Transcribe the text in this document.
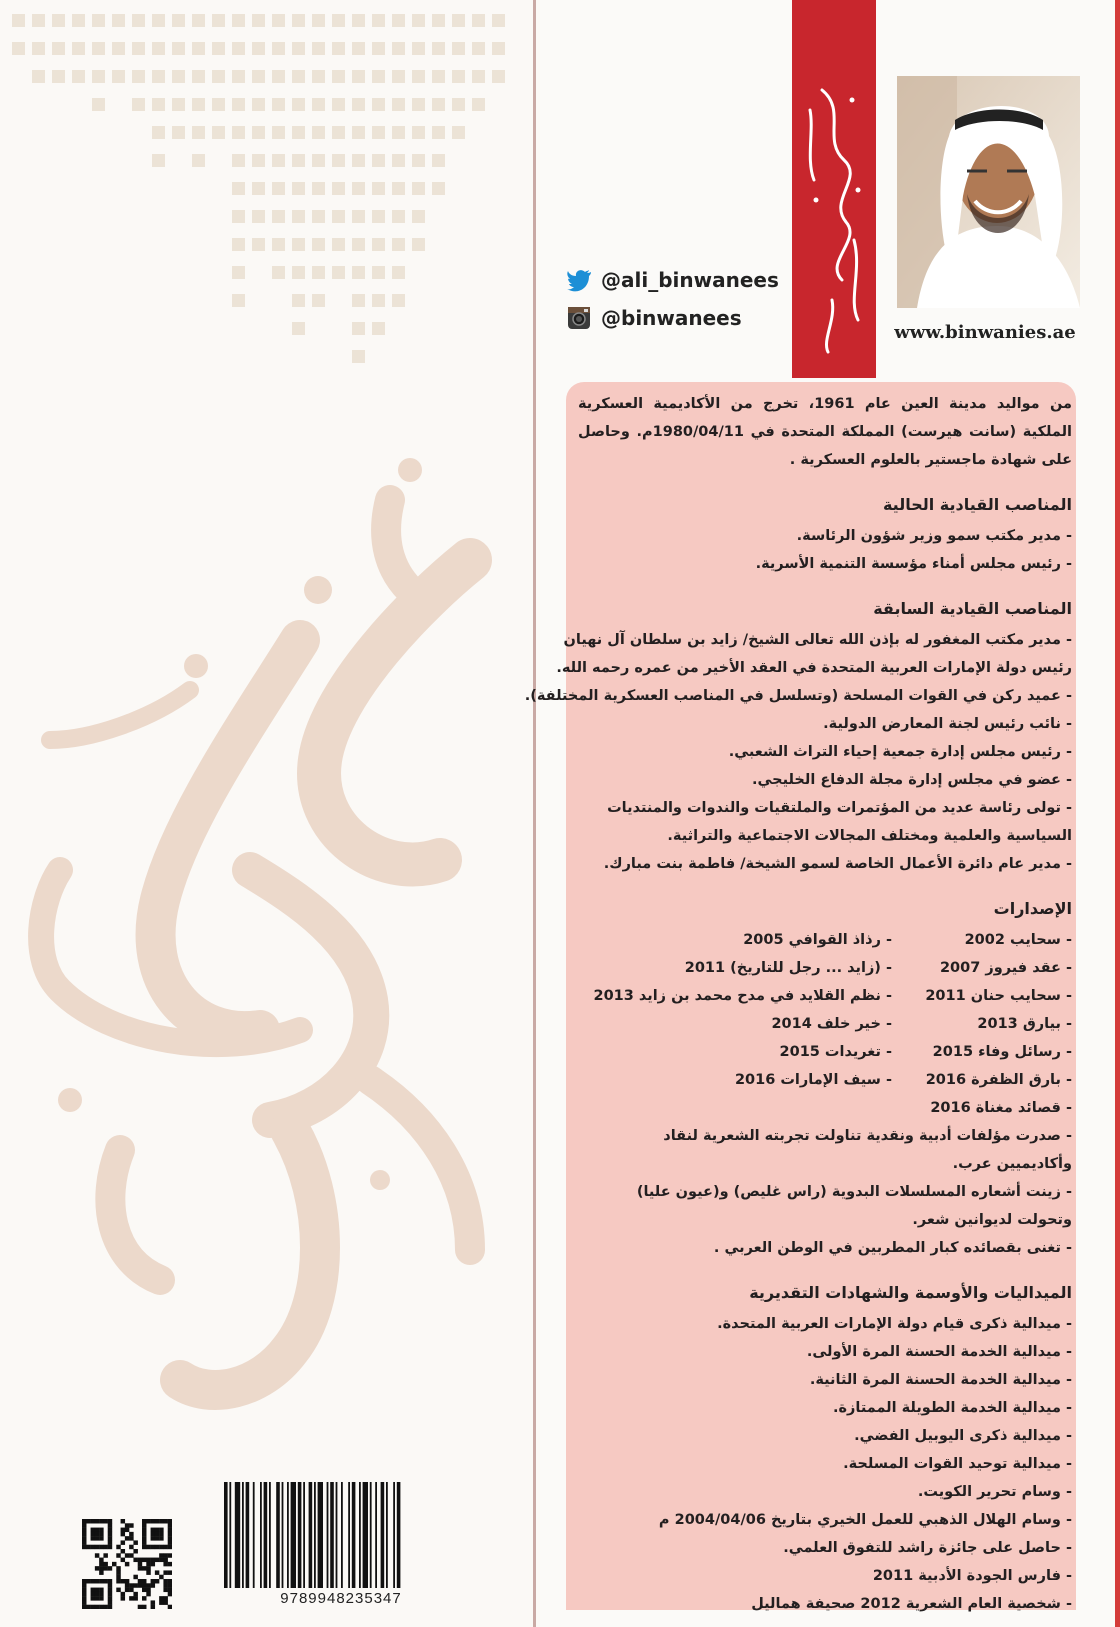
9789948235347
www.binwanies.ae
@ali_binwanees
@binwanees

من مواليد مدينة العين عام 1961، تخرج من الأكاديمية العسكرية الملكية (سانت هيرست) المملكة المتحدة في 1980/04/11م. وحاصل على شهادة ماجستير بالعلوم العسكرية .

المناصب القيادية الحالية
- مدير مكتب سمو وزير شؤون الرئاسة.
- رئيس مجلس أمناء مؤسسة التنمية الأسرية.
المناصب القيادية السابقة
- مدير مكتب المغفور له بإذن الله تعالى الشيخ/ زايد بن سلطان آل نهيان
رئيس دولة الإمارات العربية المتحدة في العقد الأخير من عمره رحمه الله.
- عميد ركن في القوات المسلحة (وتسلسل في المناصب العسكرية المختلفة).
- نائب رئيس لجنة المعارض الدولية.
- رئيس مجلس إدارة جمعية إحياء التراث الشعبي.
- عضو في مجلس إدارة مجلة الدفاع الخليجي.
- تولى رئاسة عديد من المؤتمرات والملتقيات والندوات والمنتديات
السياسية والعلمية ومختلف المجالات الاجتماعية والتراثية.
- مدير عام دائرة الأعمال الخاصة لسمو الشيخة/ فاطمة بنت مبارك.
الإصدارات
- سحايب 2002
- رذاذ القوافي 2005
- عقد فيروز 2007
- (زايد ... رجل للتاريخ) 2011
- سحايب حنان 2011
- نظم القلايد في مدح محمد بن زايد 2013
- بيارق 2013
- خير خلف 2014
- رسائل وفاء 2015
- تغريدات 2015
- بارق الظفرة 2016
- سيف الإمارات 2016
- قصائد مغناة 2016
- صدرت مؤلفات أدبية ونقدية تناولت تجربته الشعرية لنقاد
وأكاديميين عرب.
- زينت أشعاره المسلسلات البدوية (راس غليص) و(عيون عليا)
وتحولت لديوانين شعر.
- تغنى بقصائده كبار المطربين في الوطن العربي .
الميداليات والأوسمة والشهادات التقديرية
- ميدالية ذكرى قيام دولة الإمارات العربية المتحدة.
- ميدالية الخدمة الحسنة المرة الأولى.
- ميدالية الخدمة الحسنة المرة الثانية.
- ميدالية الخدمة الطويلة الممتازة.
- ميدالية ذكرى اليوبيل الفضي.
- ميدالية توحيد القوات المسلحة.
- وسام تحرير الكويت.
- وسام الهلال الذهبي للعمل الخيري بتاريخ 2004/04/06 م
- حاصل على جائزة راشد للتفوق العلمي.
- فارس الجودة الأدبية 2011
- شخصية العام الشعرية 2012 صحيفة هماليل
